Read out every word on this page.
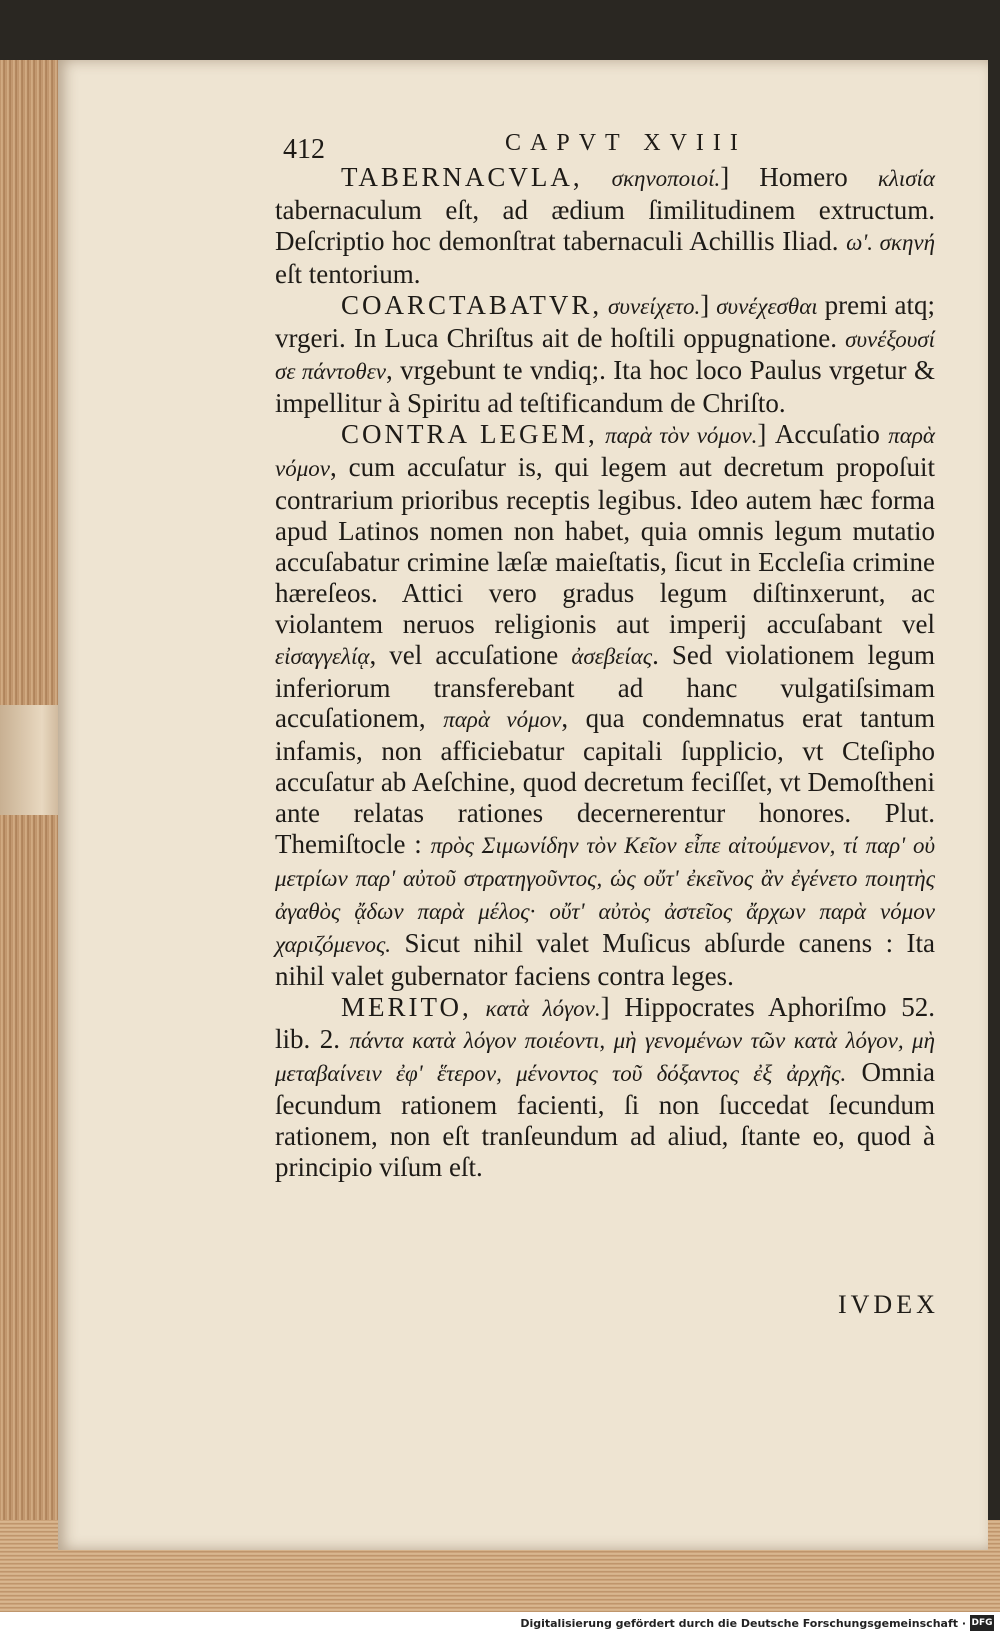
412	CAPVT XVIII

TABERNACVLA, σκηνοποιοί.] Homero κλισία tabernaculum eſt, ad ædium ſimilitudinem extructum. Deſcriptio hoc demonſtrat tabernaculi Achillis Iliad. ω'. σκηνή eſt tentorium.

COARCTABATVR, συνείχετο.] συνέχεσθαι premi atq; vrgeri. In Luca Chriſtus ait de hoſtili oppugnatione. συνέξουσί σε πάντοθεν, vrgebunt te vndiq;. Ita hoc loco Paulus vrgetur & impellitur à Spiritu ad teſtificandum de Chriſto.

CONTRA LEGEM, παρὰ τὸν νόμον.] Accuſatio παρὰ νόμον, cum accuſatur is, qui legem aut decretum propoſuit contrarium prioribus receptis legibus. Ideo autem hæc forma apud Latinos nomen non habet, quia omnis legum mutatio accuſabatur crimine læſæ maieſtatis, ſicut in Eccleſia crimine hæreſeos. Attici vero gradus legum diſtinxerunt, ac violantem neruos religionis aut imperij accuſabant vel εἰσαγγελίᾳ, vel accuſatione ἀσεβείας. Sed violationem legum inferiorum transferebant ad hanc vulgatiſsimam accuſationem, παρὰ νόμον, qua condemnatus erat tantum infamis, non afficiebatur capitali ſupplicio, vt Cteſipho accuſatur ab Aeſchine, quod decretum feciſſet, vt Demoſtheni ante relatas rationes decernerentur honores. Plut. Themiſtocle : πρὸς Σιμωνίδην τὸν Κεῖον εἶπε αἰτούμενον, τί παρ' οὐ μετρίων παρ' αὐτοῦ στρατηγοῦντος, ὡς οὔτ' ἐκεῖνος ἂν ἐγένετο ποιητὴς ἀγαθὸς ᾄδων παρὰ μέλος· οὔτ' αὐτὸς ἀστεῖος ἄρχων παρὰ νόμον χαριζόμενος. Sicut nihil valet Muſicus abſurde canens : Ita nihil valet gubernator faciens contra leges.

MERITO, κατὰ λόγον.] Hippocrates Aphoriſmo 52. lib. 2. πάντα κατὰ λόγον ποιέοντι, μὴ γενομένων τῶν κατὰ λόγον, μὴ μεταβαίνειν ἐφ' ἕτερον, μένοντος τοῦ δόξαντος ἐξ ἀρχῆς. Omnia ſecundum rationem facienti, ſi non ſuccedat ſecundum rationem, non eſt tranſeundum ad aliud, ſtante eo, quod à principio viſum eſt.

IVDEX
Digitalisierung gefördert durch die Deutsche Forschungsgemeinschaft · DFG
